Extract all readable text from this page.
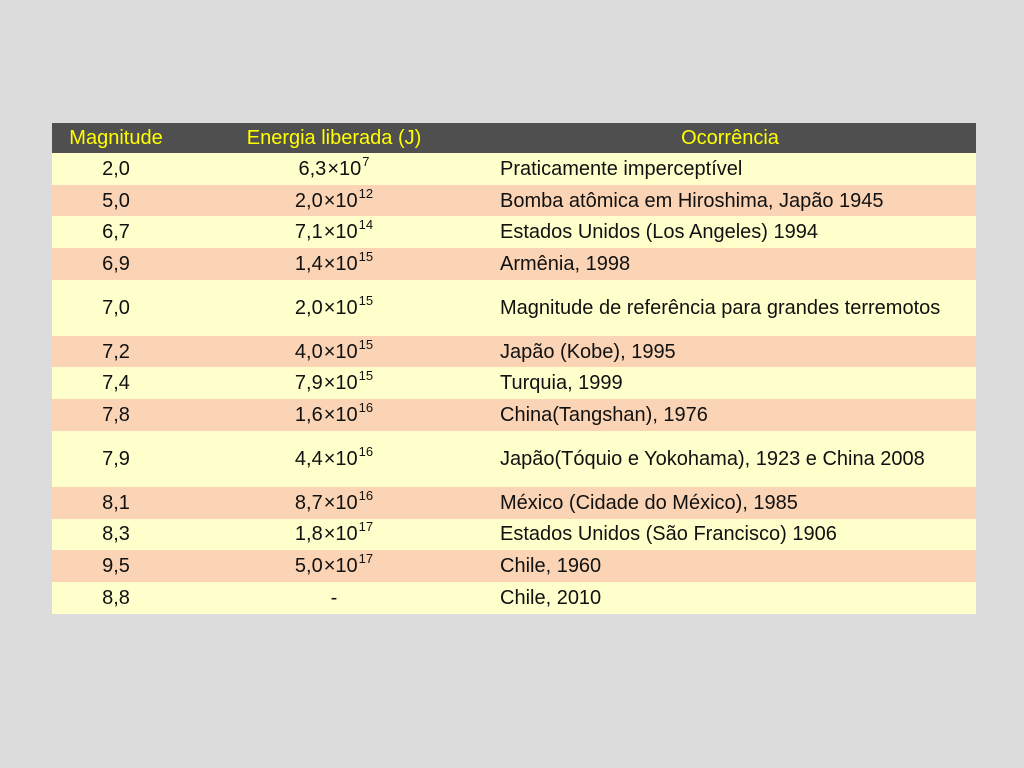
Magnitude	Energia liberada (J)	Ocorrência
2,0	$6,3\times 10^7$	Praticamente imperceptível

5,0	$2,0\times 10^{12}$	Bomba atômica em Hiroshima, Japão 1945

6,7	$7,1\times 10^{14}$	Estados Unidos (Los Angeles) 1994

6,9	$1,4\times 10^{15}$	Armênia, 1998

7,0	$2,0\times 10^{15}$	Magnitude de referência para grandes terremotos

7,2	$4,0\times 10^{15}$	Japão (Kobe), 1995

7,4	$7,9\times 10^{15}$	Turquia, 1999

7,8	$1,6\times 10^{16}$	China(Tangshan), 1976

7,9	$4,4\times 10^{16}$	Japão(Tóquio e Yokohama), 1923 e China 2008

8,1	$8,7\times 10^{16}$	México (Cidade do México), 1985

8,3	$1,8\times 10^{17}$	Estados Unidos (São Francisco) 1906

9,5	$5,0\times 10^{17}$	Chile, 1960

8,8	-	Chile, 2010
